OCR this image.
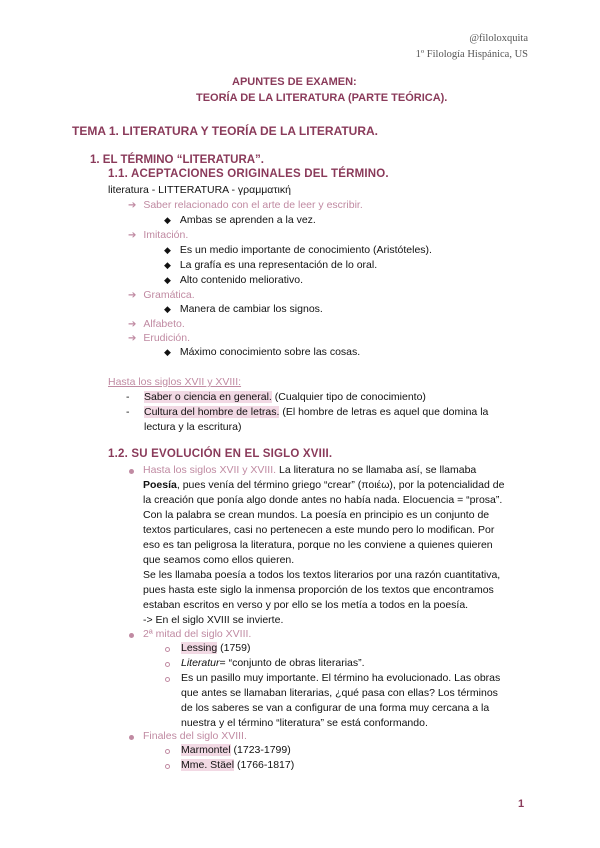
@filoloxquita
1º Filología Hispánica, US
APUNTES DE EXAMEN:
TEORÍA DE LA LITERATURA (PARTE TEÓRICA).
TEMA 1. LITERATURA Y TEORÍA DE LA LITERATURA.
1. EL TÉRMINO “LITERATURA”.
1.1. ACEPTACIONES ORIGINALES DEL TÉRMINO.
literatura - LITTERATURA - γραμματική
➔ Saber relacionado con el arte de leer y escribir.
◆ Ambas se aprenden a la vez.
➔ Imitación.
◆ Es un medio importante de conocimiento (Aristóteles).
◆ La grafía es una representación de lo oral.
◆ Alto contenido meliorativo.
➔ Gramática.
◆ Manera de cambiar los signos.
➔ Alfabeto.
➔ Erudición.
◆ Máximo conocimiento sobre las cosas.
Hasta los siglos XVII y XVIII:
- Saber o ciencia en general. (Cualquier tipo de conocimiento)
- Cultura del hombre de letras. (El hombre de letras es aquel que domina la
lectura y la escritura)
1.2. SU EVOLUCIÓN EN EL SIGLO XVIII.
Hasta los siglos XVII y XVIII. La literatura no se llamaba así, se llamaba
Poesía, pues venía del término griego “crear” (ποιέω), por la potencialidad de
la creación que ponía algo donde antes no había nada. Elocuencia = “prosa”.
Con la palabra se crean mundos. La poesía en principio es un conjunto de
textos particulares, casi no pertenecen a este mundo pero lo modifican. Por
eso es tan peligrosa la literatura, porque no les conviene a quienes quieren
que seamos como ellos quieren.
Se les llamaba poesía a todos los textos literarios por una razón cuantitativa,
pues hasta este siglo la inmensa proporción de los textos que encontramos
estaban escritos en verso y por ello se los metía a todos en la poesía.
-> En el siglo XVIII se invierte.
2ª mitad del siglo XVIII.
Lessing (1759)
Literatur= “conjunto de obras literarias”.
Es un pasillo muy importante. El término ha evolucionado. Las obras
que antes se llamaban literarias, ¿qué pasa con ellas? Los términos
de los saberes se van a configurar de una forma muy cercana a la
nuestra y el término “literatura” se está conformando.
Finales del siglo XVIII.
Marmontel (1723-1799)
Mme. Stäel (1766-1817)
1
